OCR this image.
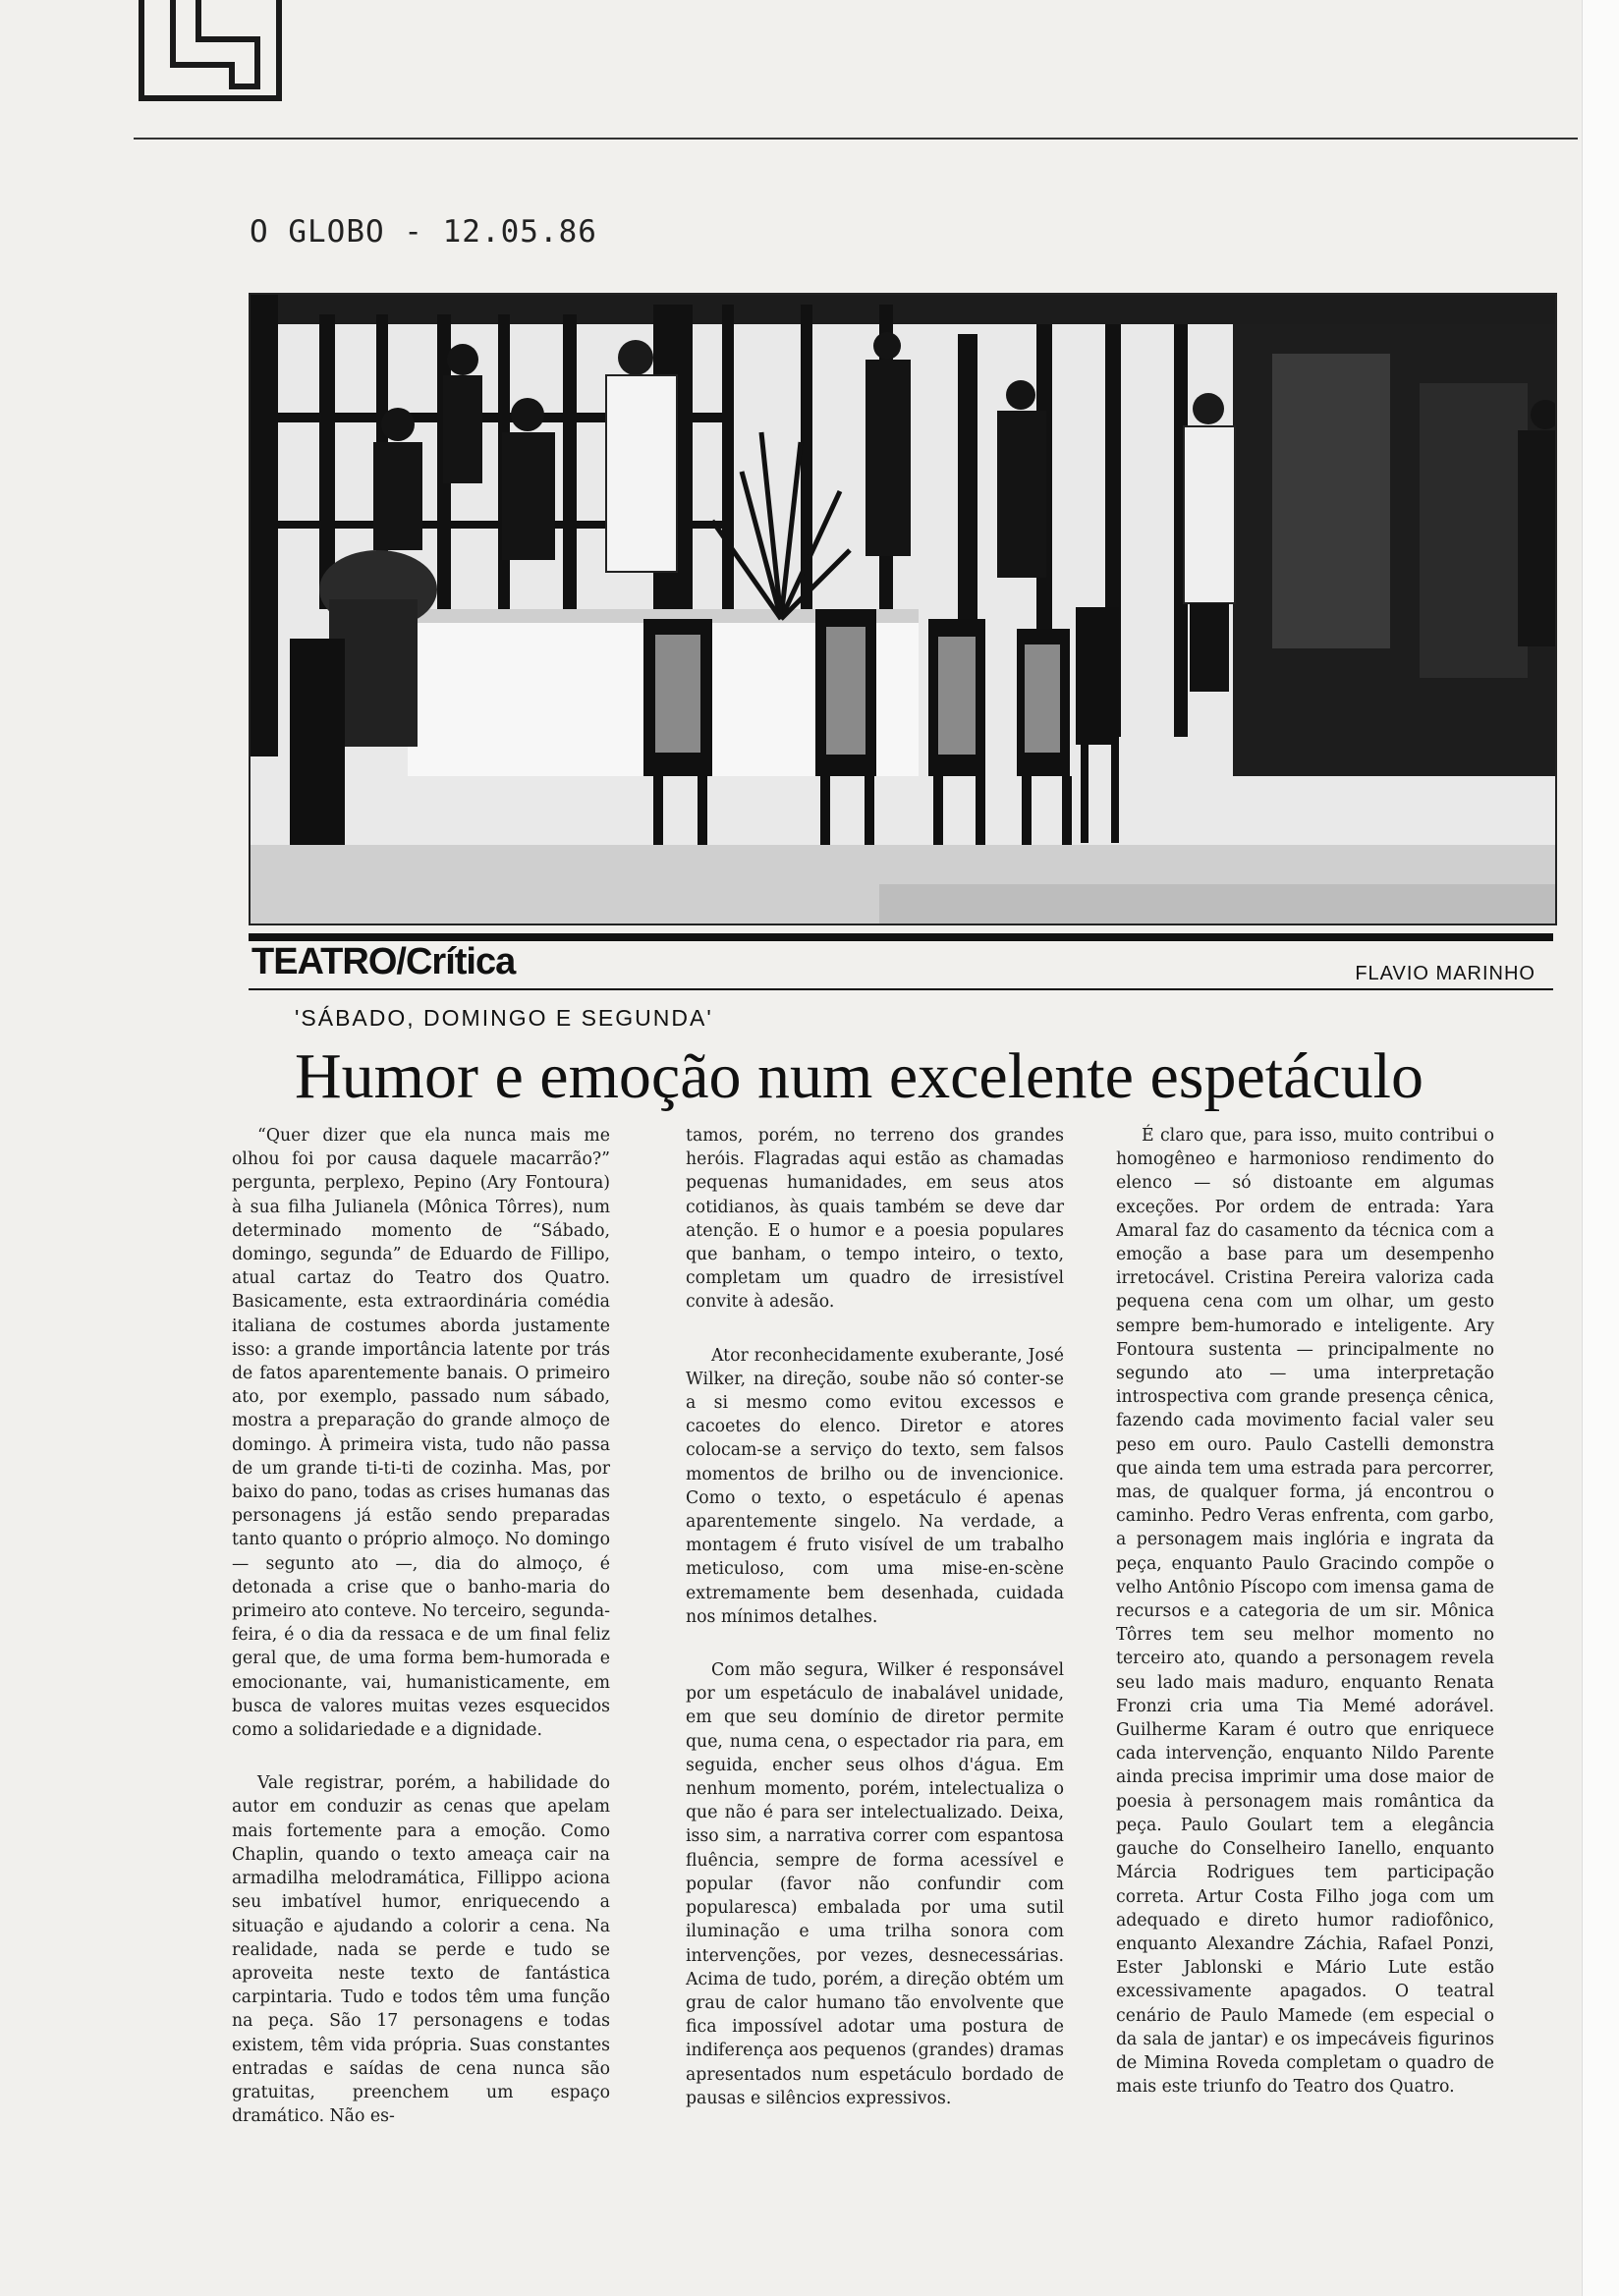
O GLOBO - 12.05.86
TEATRO/Crítica	FLAVIO MARINHO
'SÁBADO, DOMINGO E SEGUNDA'
Humor e emoção num excelente espetáculo

“Quer dizer que ela nunca mais me olhou foi por causa daquele macarrão?” pergunta, perplexo, Pepino (Ary Fontoura) à sua filha Julianela (Mônica Tôrres), num determinado momento de “Sábado, domingo, segunda” de Eduardo de Fillipo, atual cartaz do Teatro dos Quatro. Basicamente, esta extraordinária comédia italiana de costumes aborda justamente isso: a grande importância latente por trás de fatos aparentemente banais. O primeiro ato, por exemplo, passado num sábado, mostra a preparação do grande almoço de domingo. À primeira vista, tudo não passa de um grande ti-ti-ti de cozinha. Mas, por baixo do pano, todas as crises humanas das personagens já estão sendo preparadas tanto quanto o próprio almoço. No domingo — segunto ato —, dia do almoço, é detonada a crise que o banho-maria do primeiro ato conteve. No terceiro, segunda-feira, é o dia da ressaca e de um final feliz geral que, de uma forma bem-humorada e emocionante, vai, humanisticamente, em busca de valores muitas vezes esquecidos como a solidariedade e a dignidade.

Vale registrar, porém, a habilidade do autor em conduzir as cenas que apelam mais fortemente para a emoção. Como Chaplin, quando o texto ameaça cair na armadilha melodramática, Fillippo aciona seu imbatível humor, enriquecendo a situação e ajudando a colorir a cena. Na realidade, nada se perde e tudo se aproveita neste texto de fantástica carpintaria. Tudo e todos têm uma função na peça. São 17 personagens e todas existem, têm vida própria. Suas constantes entradas e saídas de cena nunca são gratuitas, preenchem um espaço dramático. Não es-

tamos, porém, no terreno dos grandes heróis. Flagradas aqui estão as chamadas pequenas humanidades, em seus atos cotidianos, às quais também se deve dar atenção. E o humor e a poesia populares que banham, o tempo inteiro, o texto, completam um quadro de irresistível convite à adesão.

Ator reconhecidamente exuberante, José Wilker, na direção, soube não só conter-se a si mesmo como evitou excessos e cacoetes do elenco. Diretor e atores colocam-se a serviço do texto, sem falsos momentos de brilho ou de invencionice. Como o texto, o espetáculo é apenas aparentemente singelo. Na verdade, a montagem é fruto visível de um trabalho meticuloso, com uma mise-en-scène extremamente bem desenhada, cuidada nos mínimos detalhes.

Com mão segura, Wilker é responsável por um espetáculo de inabalável unidade, em que seu domínio de diretor permite que, numa cena, o espectador ria para, em seguida, encher seus olhos d'água. Em nenhum momento, porém, intelectualiza o que não é para ser intelectualizado. Deixa, isso sim, a narrativa correr com espantosa fluência, sempre de forma acessível e popular (favor não confundir com popularesca) embalada por uma sutil iluminação e uma trilha sonora com intervenções, por vezes, desnecessárias. Acima de tudo, porém, a direção obtém um grau de calor humano tão envolvente que fica impossível adotar uma postura de indiferença aos pequenos (grandes) dramas apresentados num espetáculo bordado de pausas e silêncios expressivos.

É claro que, para isso, muito contribui o homogêneo e harmonioso rendimento do elenco — só distoante em algumas exceções. Por ordem de entrada: Yara Amaral faz do casamento da técnica com a emoção a base para um desempenho irretocável. Cristina Pereira valoriza cada pequena cena com um olhar, um gesto sempre bem-humorado e inteligente. Ary Fontoura sustenta — principalmente no segundo ato — uma interpretação introspectiva com grande presença cênica, fazendo cada movimento facial valer seu peso em ouro. Paulo Castelli demonstra que ainda tem uma estrada para percorrer, mas, de qualquer forma, já encontrou o caminho. Pedro Veras enfrenta, com garbo, a personagem mais inglória e ingrata da peça, enquanto Paulo Gracindo compõe o velho Antônio Píscopo com imensa gama de recursos e a categoria de um sir. Mônica Tôrres tem seu melhor momento no terceiro ato, quando a personagem revela seu lado mais maduro, enquanto Renata Fronzi cria uma Tia Memé adorável. Guilherme Karam é outro que enriquece cada intervenção, enquanto Nildo Parente ainda precisa imprimir uma dose maior de poesia à personagem mais romântica da peça. Paulo Goulart tem a elegância gauche do Conselheiro Ianello, enquanto Márcia Rodrigues tem participação correta. Artur Costa Filho joga com um adequado e direto humor radiofônico, enquanto Alexandre Záchia, Rafael Ponzi, Ester Jablonski e Mário Lute estão excessivamente apagados. O teatral cenário de Paulo Mamede (em especial o da sala de jantar) e os impecáveis figurinos de Mimina Roveda completam o quadro de mais este triunfo do Teatro dos Quatro.
